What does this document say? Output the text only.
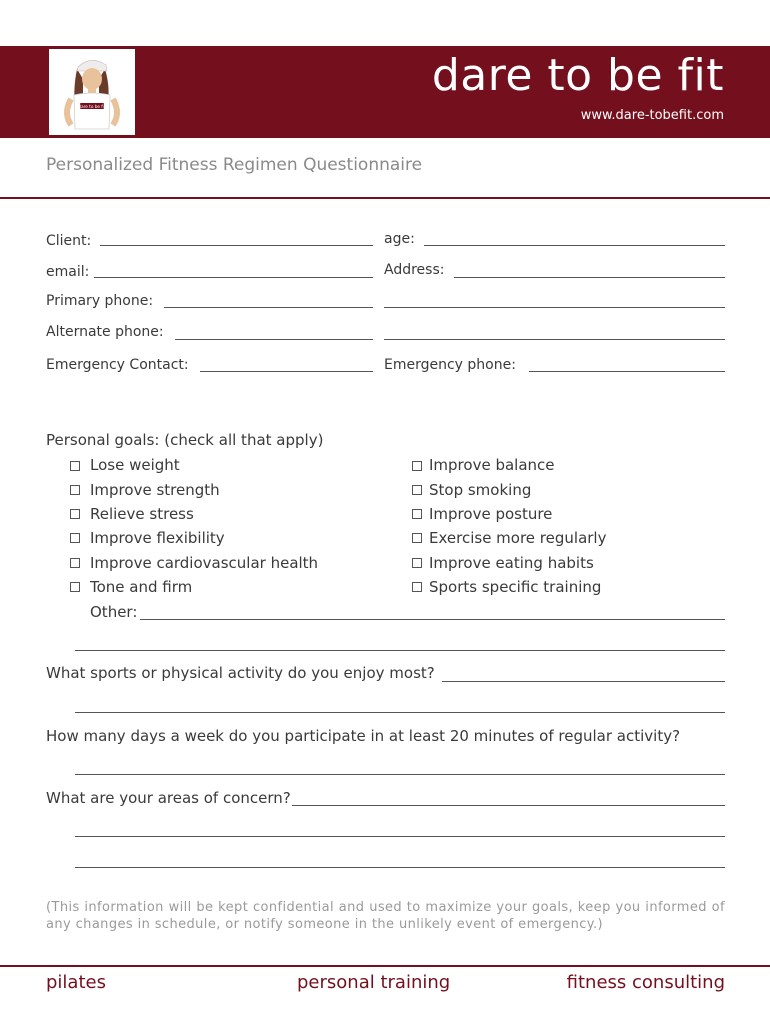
dare to be fit
dare to be fit
www.dare-tobefit.com
Personalized Fitness Regimen Questionnaire
Client:
email:
Primary phone:
Alternate phone:
Emergency Contact:
age:
Address:
Emergency phone:
Personal goals: (check all that apply)
Lose weight
Improve strength
Relieve stress
Improve flexibility
Improve cardiovascular health
Tone and firm
Improve balance
Stop smoking
Improve posture
Exercise more regularly
Improve eating habits
Sports specific training
Other:
What sports or physical activity do you enjoy most?
How many days a week do you participate in at least 20 minutes of regular activity?
What are your areas of concern?
(This information will be kept confidential and used to maximize your goals, keep you informed of any changes in schedule, or notify someone in the unlikely event of emergency.)
pilates	personal training	fitness consulting
